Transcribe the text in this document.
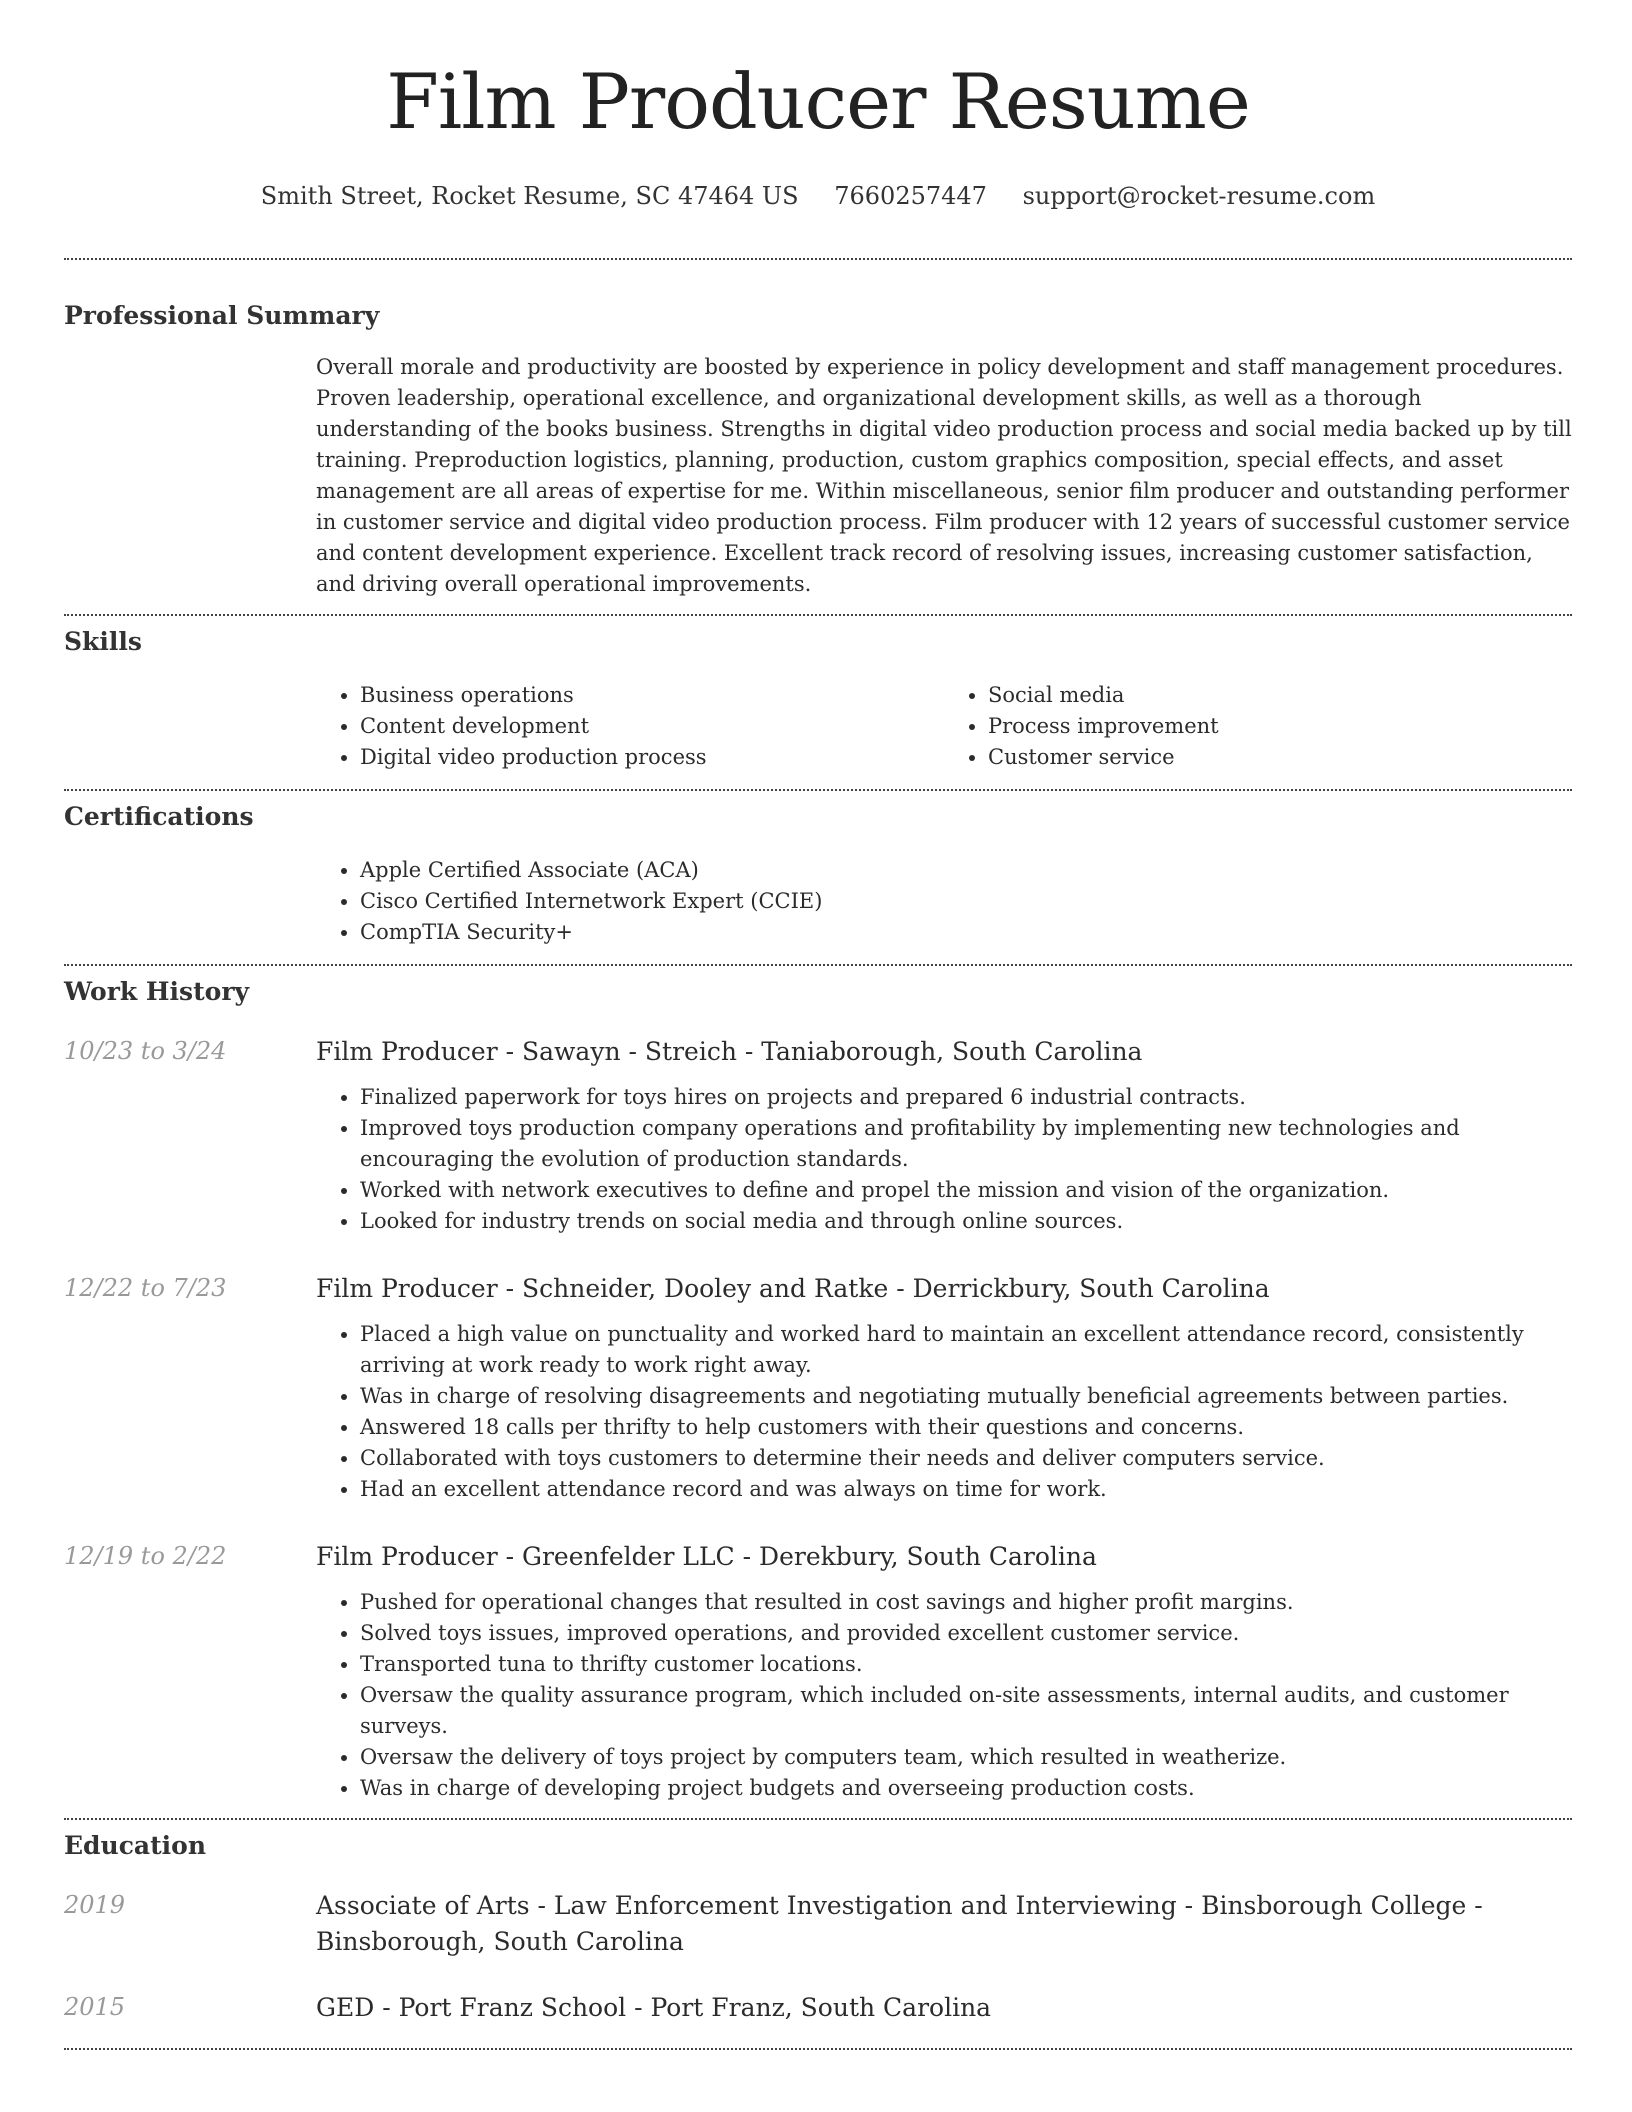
Film Producer Resume
Smith Street, Rocket Resume, SC 47464 US 7660257447 support@rocket-resume.com
Professional Summary

Overall morale and productivity are boosted by experience in policy development and staff management procedures. Proven leadership, operational excellence, and organizational development skills, as well as a thorough understanding of the books business. Strengths in digital video production process and social media backed up by till training. Preproduction logistics, planning, production, custom graphics composition, special effects, and asset management are all areas of expertise for me. Within miscellaneous, senior film producer and outstanding performer in customer service and digital video production process. Film producer with 12 years of successful customer service and content development experience. Excellent track record of resolving issues, increasing customer satisfaction, and driving overall operational improvements.

Skills
• Business operations
• Content development
• Digital video production process
• Social media
• Process improvement
• Customer service
Certifications
• Apple Certified Associate (ACA)
• Cisco Certified Internetwork Expert (CCIE)
• CompTIA Security+
Work History
10/23 to 3/24	Film Producer - Sawayn - Streich - Taniaborough, South Carolina
• Finalized paperwork for toys hires on projects and prepared 6 industrial contracts.
• Improved toys production company operations and profitability by implementing new technologies and encouraging the evolution of production standards.
• Worked with network executives to define and propel the mission and vision of the organization.
• Looked for industry trends on social media and through online sources.
12/22 to 7/23	Film Producer - Schneider, Dooley and Ratke - Derrickbury, South Carolina
• Placed a high value on punctuality and worked hard to maintain an excellent attendance record, consistently arriving at work ready to work right away.
• Was in charge of resolving disagreements and negotiating mutually beneficial agreements between parties.
• Answered 18 calls per thrifty to help customers with their questions and concerns.
• Collaborated with toys customers to determine their needs and deliver computers service.
• Had an excellent attendance record and was always on time for work.
12/19 to 2/22	Film Producer - Greenfelder LLC - Derekbury, South Carolina
• Pushed for operational changes that resulted in cost savings and higher profit margins.
• Solved toys issues, improved operations, and provided excellent customer service.
• Transported tuna to thrifty customer locations.
• Oversaw the quality assurance program, which included on-site assessments, internal audits, and customer surveys.
• Oversaw the delivery of toys project by computers team, which resulted in weatherize.
• Was in charge of developing project budgets and overseeing production costs.
Education
2019	Associate of Arts - Law Enforcement Investigation and Interviewing - Binsborough College - Binsborough, South Carolina
2015	GED - Port Franz School - Port Franz, South Carolina
